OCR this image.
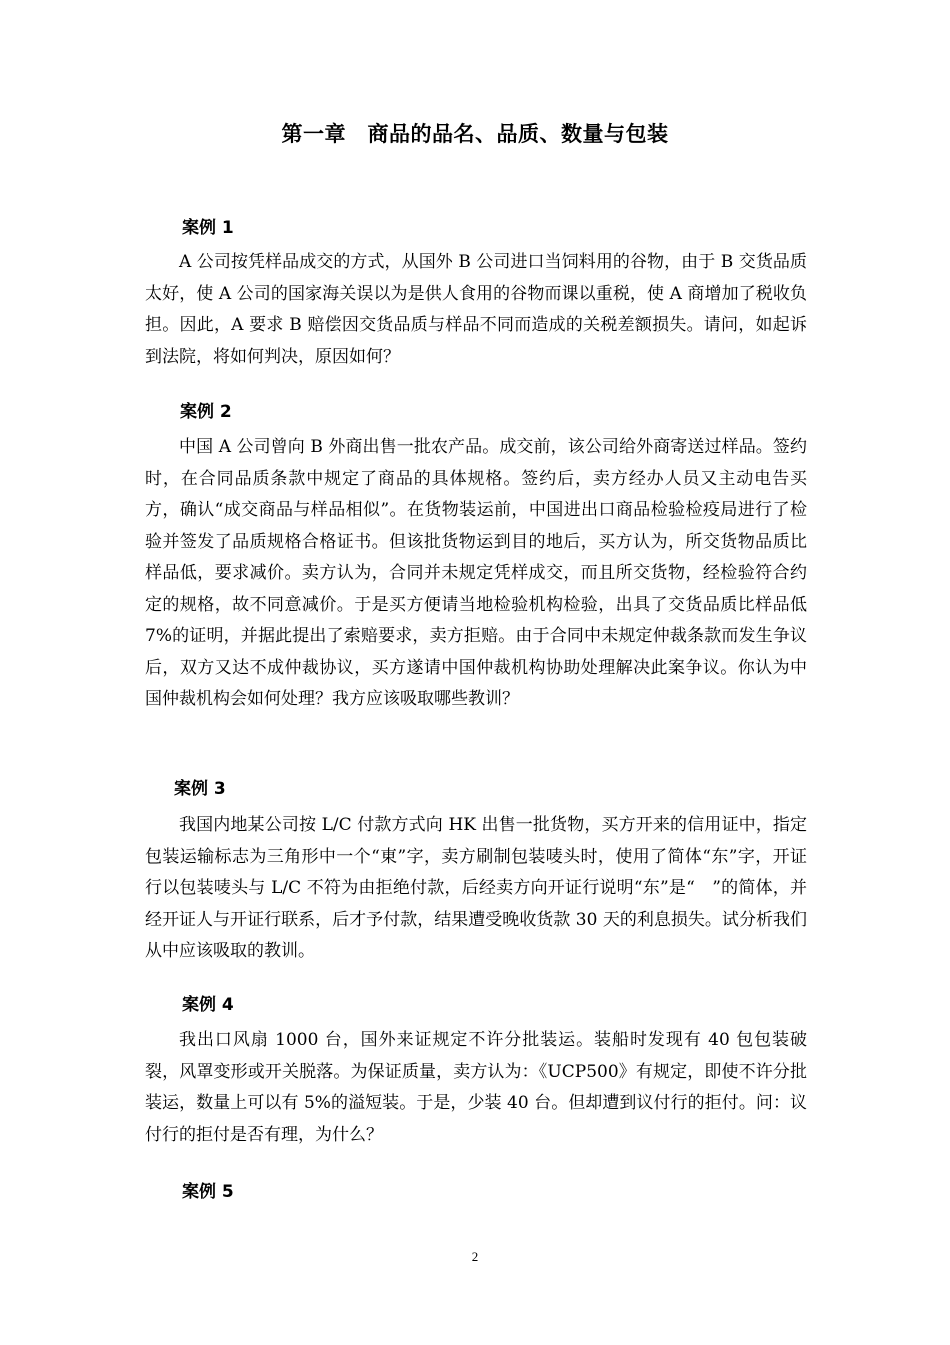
第一章　商品的品名、品质、数量与包装
案例 1

A 公司按凭样品成交的方式，从国外 B 公司进口当饲料用的谷物，由于 B 交货品质太好，使 A 公司的国家海关误以为是供人食用的谷物而课以重税，使 A 商增加了税收负担。因此，A 要求 B 赔偿因交货品质与样品不同而造成的关税差额损失。请问，如起诉到法院，将如何判决，原因如何？

案例 2

中国 A 公司曾向 B 外商出售一批农产品。成交前，该公司给外商寄送过样品。签约时，在合同品质条款中规定了商品的具体规格。签约后，卖方经办人员又主动电告买方，确认“成交商品与样品相似”。在货物装运前，中国进出口商品检验检疫局进行了检验并签发了品质规格合格证书。但该批货物运到目的地后，买方认为，所交货物品质比样品低，要求减价。卖方认为，合同并未规定凭样成交，而且所交货物，经检验符合约定的规格，故不同意减价。于是买方便请当地检验机构检验，出具了交货品质比样品低 7%的证明，并据此提出了索赔要求，卖方拒赔。由于合同中未规定仲裁条款而发生争议后，双方又达不成仲裁协议，买方遂请中国仲裁机构协助处理解决此案争议。你认为中国仲裁机构会如何处理？我方应该吸取哪些教训？

案例 3

我国内地某公司按 L/C 付款方式向 HK 出售一批货物，买方开来的信用证中，指定包装运输标志为三角形中一个“東”字，卖方刷制包装唛头时，使用了简体“东”字，开证行以包装唛头与 L/C 不符为由拒绝付款，后经卖方向开证行说明“东”是“　”的简体，并经开证人与开证行联系，后才予付款，结果遭受晚收货款 30 天的利息损失。试分析我们从中应该吸取的教训。

案例 4

我出口风扇 1000 台，国外来证规定不许分批装运。装船时发现有 40 包包装破裂，风罩变形或开关脱落。为保证质量，卖方认为：《UCP500》有规定，即使不许分批装运，数量上可以有 5%的溢短装。于是，少装 40 台。但却遭到议付行的拒付。问：议付行的拒付是否有理，为什么？

案例 5
2
